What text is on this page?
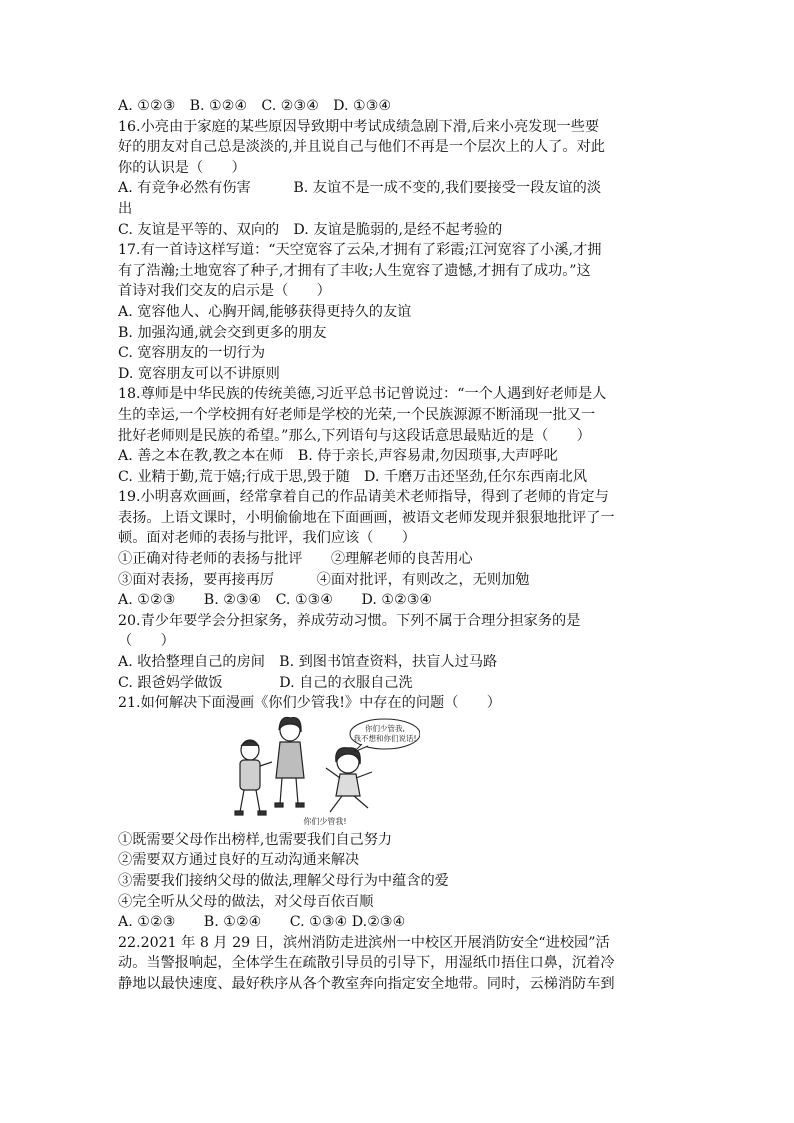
A. ①②③　B. ①②④　C. ②③④　D. ①③④
16.小亮由于家庭的某些原因导致期中考试成绩急剧下滑,后来小亮发现一些要
好的朋友对自己总是淡淡的,并且说自己与他们不再是一个层次上的人了。对此
你的认识是（　　）
A. 有竞争必然有伤害　　　B. 友谊不是一成不变的,我们要接受一段友谊的淡
出
C. 友谊是平等的、双向的　D. 友谊是脆弱的,是经不起考验的
17.有一首诗这样写道：“天空宽容了云朵,才拥有了彩霞;江河宽容了小溪,才拥
有了浩瀚;土地宽容了种子,才拥有了丰收;人生宽容了遗憾,才拥有了成功。”这
首诗对我们交友的启示是（　　）
A. 宽容他人、心胸开阔,能够获得更持久的友谊
B. 加强沟通,就会交到更多的朋友
C. 宽容朋友的一切行为
D. 宽容朋友可以不讲原则
18.尊师是中华民族的传统美德,习近平总书记曾说过：“一个人遇到好老师是人
生的幸运,一个学校拥有好老师是学校的光荣,一个民族源源不断涌现一批又一
批好老师则是民族的希望。”那么,下列语句与这段话意思最贴近的是（　　）
A. 善之本在教,教之本在师　B. 侍于亲长,声容易肃,勿因琐事,大声呼叱
C. 业精于勤,荒于嬉;行成于思,毁于随　D. 千磨万击还坚劲,任尔东西南北风
19.小明喜欢画画，经常拿着自己的作品请美术老师指导，得到了老师的肯定与
表扬。上语文课时，小明偷偷地在下面画画，被语文老师发现并狠狠地批评了一
顿。面对老师的表扬与批评，我们应该（　　）
①正确对待老师的表扬与批评　　②理解老师的良苦用心
③面对表扬，要再接再厉　　　④面对批评，有则改之，无则加勉
A. ①②③　　B. ②③④　C. ①③④　　D. ①②③④
20.青少年要学会分担家务，养成劳动习惯。下列不属于合理分担家务的是
（　　）
A. 收拾整理自己的房间　B. 到图书馆查资料，扶盲人过马路
C. 跟爸妈学做饭　　　　D. 自己的衣服自己洗
21.如何解决下面漫画《你们少管我!》中存在的问题（　　）
你们少管我,
我不想和你们说话!
你们少管我!
①既需要父母作出榜样,也需要我们自己努力
②需要双方通过良好的互动沟通来解决
③需要我们接纳父母的做法,理解父母行为中蕴含的爱
④完全听从父母的做法，对父母百依百顺
A. ①②③　　B. ①②④　　C. ①③④ D.②③④
22.2021 年 8 月 29 日，滨州消防走进滨州一中校区开展消防安全“进校园”活
动。当警报响起，全体学生在疏散引导员的引导下，用湿纸巾捂住口鼻，沉着冷
静地以最快速度、最好秩序从各个教室奔向指定安全地带。同时，云梯消防车到
